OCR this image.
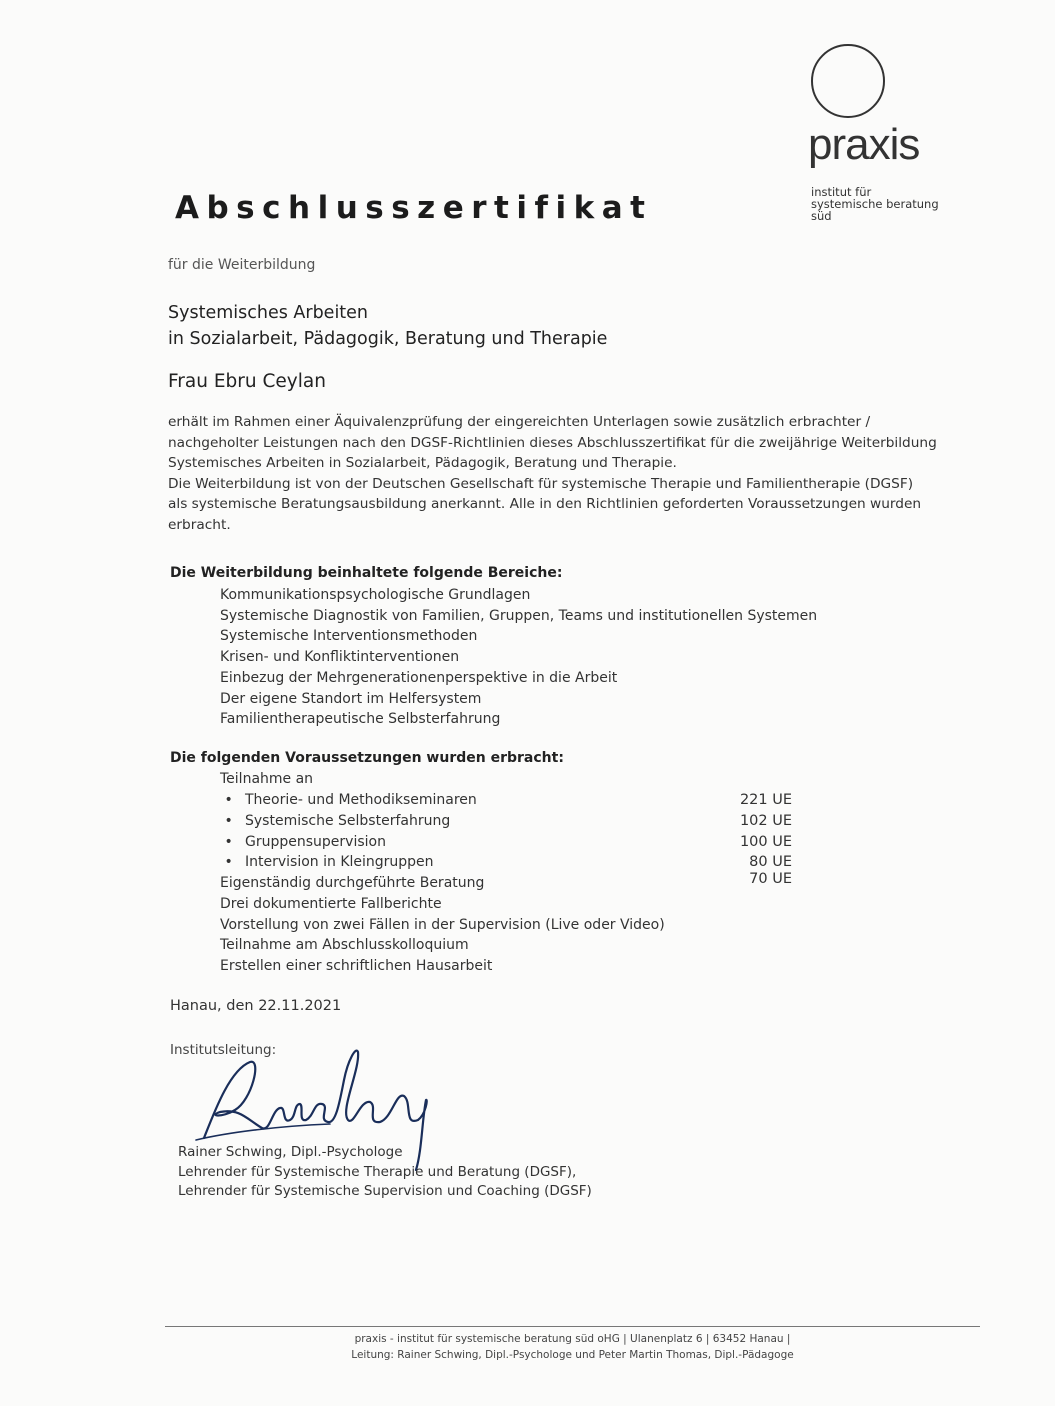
praxis
institut für
systemische beratung
süd
Abschlusszertifikat
für die Weiterbildung
Systemisches Arbeiten
in Sozialarbeit, Pädagogik, Beratung und Therapie
Frau Ebru Ceylan
erhält im Rahmen einer Äquivalenzprüfung der eingereichten Unterlagen sowie zusätzlich erbrachter /
nachgeholter Leistungen nach den DGSF-Richtlinien dieses Abschlusszertifikat für die zweijährige Weiterbildung
Systemisches Arbeiten in Sozialarbeit, Pädagogik, Beratung und Therapie.
Die Weiterbildung ist von der Deutschen Gesellschaft für systemische Therapie und Familientherapie (DGSF)
als systemische Beratungsausbildung anerkannt. Alle in den Richtlinien geforderten Voraussetzungen wurden
erbracht.
Die Weiterbildung beinhaltete folgende Bereiche:
Kommunikationspsychologische Grundlagen
Systemische Diagnostik von Familien, Gruppen, Teams und institutionellen Systemen
Systemische Interventionsmethoden
Krisen- und Konfliktinterventionen
Einbezug der Mehrgenerationenperspektive in die Arbeit
Der eigene Standort im Helfersystem
Familientherapeutische Selbsterfahrung
Die folgenden Voraussetzungen wurden erbracht:
Teilnahme an
• Theorie- und Methodikseminaren	221 UE
• Systemische Selbsterfahrung	102 UE
• Gruppensupervision	100 UE
• Intervision in Kleingruppen	80 UE
Eigenständig durchgeführte Beratung	70 UE
Drei dokumentierte Fallberichte
Vorstellung von zwei Fällen in der Supervision (Live oder Video)
Teilnahme am Abschlusskolloquium
Erstellen einer schriftlichen Hausarbeit
Hanau, den 22.11.2021
Institutsleitung:
Rainer Schwing, Dipl.-Psychologe
Lehrender für Systemische Therapie und Beratung (DGSF),
Lehrender für Systemische Supervision und Coaching (DGSF)
praxis - institut für systemische beratung süd oHG | Ulanenplatz 6 | 63452 Hanau |
Leitung: Rainer Schwing, Dipl.-Psychologe und Peter Martin Thomas, Dipl.-Pädagoge
